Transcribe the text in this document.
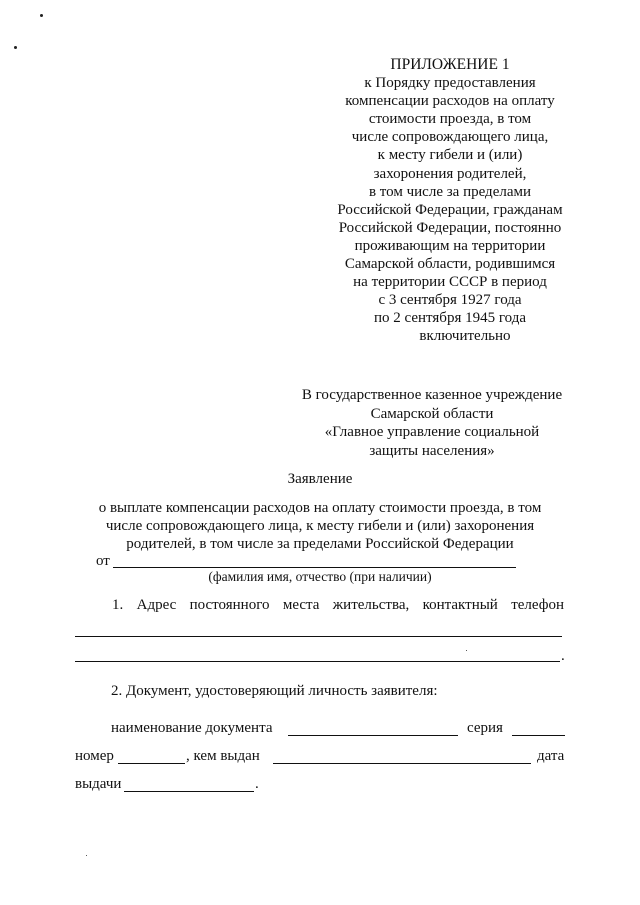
ПРИЛОЖЕНИЕ 1
к Порядку предоставления
компенсации расходов на оплату
стоимости проезда, в том
числе сопровождающего лица,
к месту гибели и (или)
захоронения родителей,
в том числе за пределами
Российской Федерации, гражданам
Российской Федерации, постоянно
проживающим на территории
Самарской области, родившимся
на территории СССР в период
с 3 сентября 1927 года
по 2 сентября 1945 года
включительно
В государственное казенное учреждение
Самарской области
«Главное управление социальной
защиты населения»
Заявление
о выплате компенсации расходов на оплату стоимости проезда, в том
числе сопровождающего лица, к месту гибели и (или) захоронения
родителей, в том числе за пределами Российской Федерации
от
(фамилия имя, отчество (при наличии)
1. Адрес постоянного места жительства, контактный телефон
.
2. Документ, удостоверяющий личность заявителя:
наименование документа	серия
номер	, кем выдан	дата
выдачи	.
